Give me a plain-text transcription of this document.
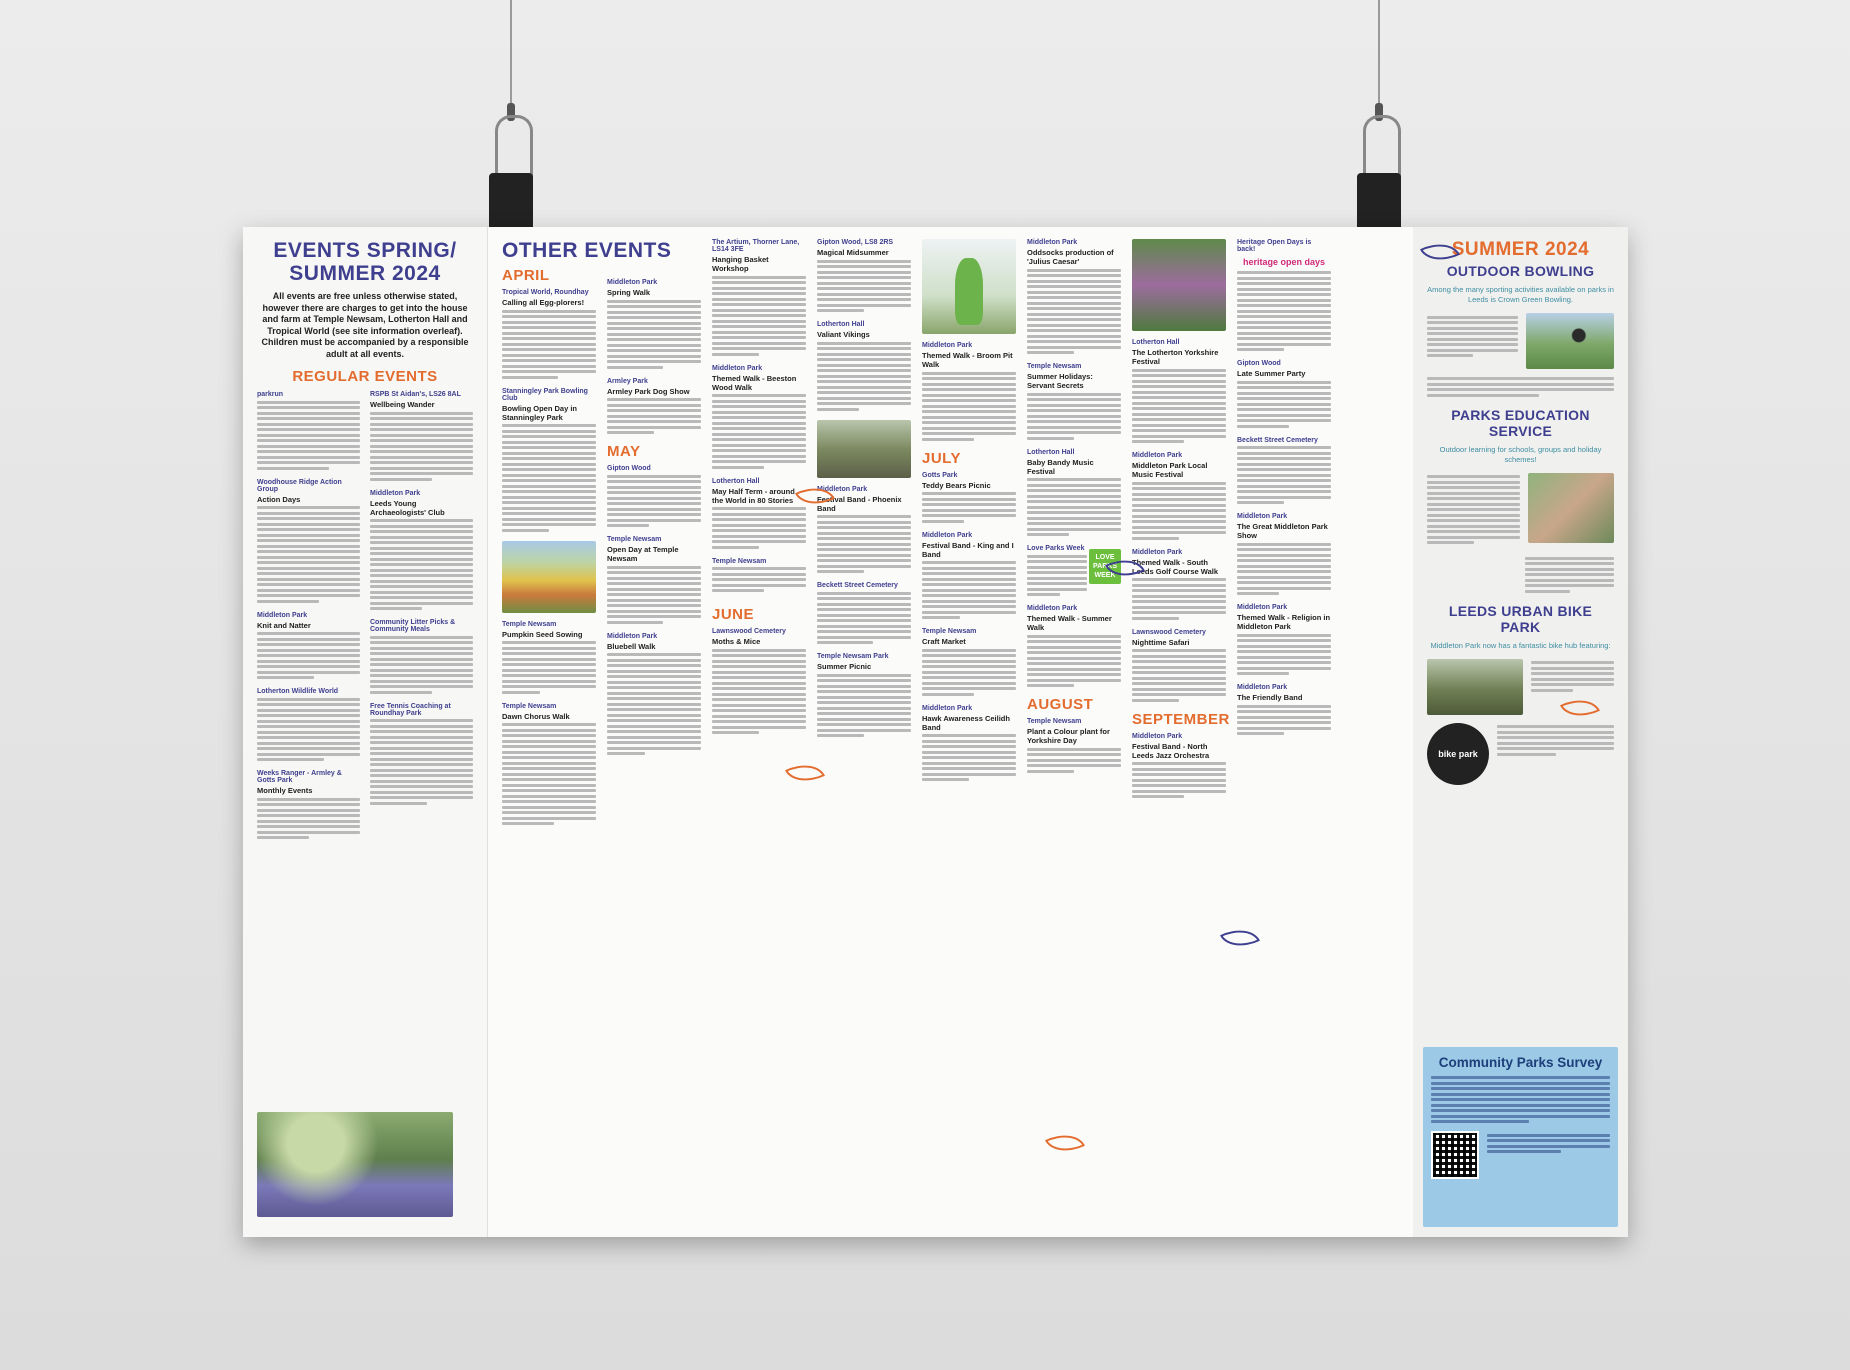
EVENTS SPRING/ SUMMER 2024
All events are free unless otherwise stated, however there are charges to get into the house and farm at Temple Newsam, Lotherton Hall and Tropical World (see site information overleaf). Children must be accompanied by a responsible adult at all events.
REGULAR EVENTS
parkrun
Woodhouse Ridge Action Group
Action Days
Middleton Park
Knit and Natter
Lotherton Wildlife World
Weeks Ranger - Armley & Gotts Park
Monthly Events
RSPB St Aidan's, LS26 8AL
Wellbeing Wander
Middleton Park
Leeds Young Archaeologists' Club
Community Litter Picks & Community Meals
Free Tennis Coaching at Roundhay Park
OTHER EVENTS
APRIL
Tropical World, Roundhay
Calling all Egg-plorers!
Stanningley Park Bowling Club
Bowling Open Day in Stanningley Park
Temple Newsam
Pumpkin Seed Sowing
Temple Newsam
Dawn Chorus Walk
Middleton Park
Spring Walk
Armley Park
Armley Park Dog Show
MAY
Gipton Wood
Temple Newsam
Open Day at Temple Newsam
Middleton Park
Bluebell Walk
The Artium, Thorner Lane, LS14 3FE
Hanging Basket Workshop
Middleton Park
Themed Walk - Beeston Wood Walk
Lotherton Hall
May Half Term - around the World in 80 Stories
Temple Newsam
JUNE
Lawnswood Cemetery
Moths & Mice
Gipton Wood, LS8 2RS
Magical Midsummer
Lotherton Hall
Valiant Vikings
Middleton Park
Festival Band - Phoenix Band
Beckett Street Cemetery
Temple Newsam Park
Summer Picnic
Middleton Park
Themed Walk - Broom Pit Walk
JULY
Gotts Park
Teddy Bears Picnic
Middleton Park
Festival Band - King and I Band
Temple Newsam
Craft Market
Middleton Park
Hawk Awareness Ceilidh Band
Middleton Park
Oddsocks production of 'Julius Caesar'
Temple Newsam
Summer Holidays: Servant Secrets
Lotherton Hall
Baby Bandy Music Festival
Love Parks Week
LOVE PARKS WEEK
Middleton Park
Themed Walk - Summer Walk
AUGUST
Temple Newsam
Plant a Colour plant for Yorkshire Day
Lotherton Hall
The Lotherton Yorkshire Festival
Middleton Park
Middleton Park Local Music Festival
Middleton Park
Themed Walk - South Leeds Golf Course Walk
Lawnswood Cemetery
Nighttime Safari
SEPTEMBER
Middleton Park
Festival Band - North Leeds Jazz Orchestra
Heritage Open Days is back!
heritage open days
Gipton Wood
Late Summer Party
Beckett Street Cemetery
Middleton Park
The Great Middleton Park Show
Middleton Park
Themed Walk - Religion in Middleton Park
Middleton Park
The Friendly Band
SUMMER 2024
OUTDOOR BOWLING
Among the many sporting activities available on parks in Leeds is Crown Green Bowling.
PARKS EDUCATION SERVICE
Outdoor learning for schools, groups and holiday schemes!
LEEDS URBAN BIKE PARK
Middleton Park now has a fantastic bike hub featuring:
bike park
Community Parks Survey
